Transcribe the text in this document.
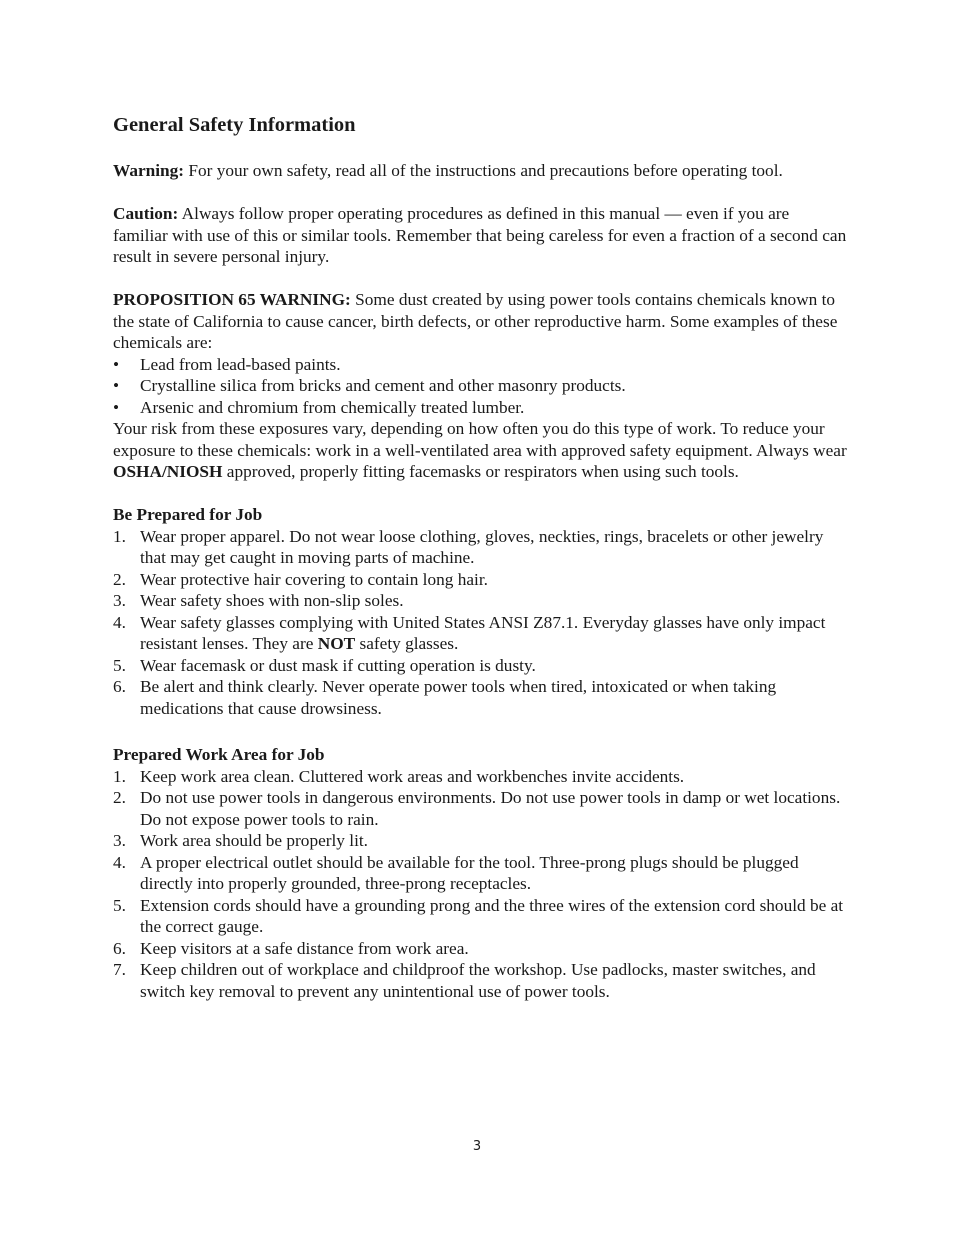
General Safety Information

Warning: For your own safety, read all of the instructions and precautions before operating tool.

Caution: Always follow proper operating procedures as defined in this manual — even if you are familiar with use of this or similar tools. Remember that being careless for even a fraction of a second can result in severe personal injury.

PROPOSITION 65 WARNING: Some dust created by using power tools contains chemicals known to the state of California to cause cancer, birth defects, or other reproductive harm. Some examples of these chemicals are:

•	Lead from lead-based paints.
•	Crystalline silica from bricks and cement and other masonry products.
•	Arsenic and chromium from chemically treated lumber.

Your risk from these exposures vary, depending on how often you do this type of work. To reduce your exposure to these chemicals: work in a well-ventilated area with approved safety equipment. Always wear OSHA/NIOSH approved, properly fitting facemasks or respirators when using such tools.

Be Prepared for Job
1. Wear proper apparel. Do not wear loose clothing, gloves, neckties, rings, bracelets or other jewelry that may get caught in moving parts of machine.
2. Wear protective hair covering to contain long hair.
3. Wear safety shoes with non-slip soles.
4. Wear safety glasses complying with United States ANSI Z87.1. Everyday glasses have only impact resistant lenses. They are NOT safety glasses.
5. Wear facemask or dust mask if cutting operation is dusty.
6. Be alert and think clearly. Never operate power tools when tired, intoxicated or when taking medications that cause drowsiness.
Prepared Work Area for Job
1. Keep work area clean. Cluttered work areas and workbenches invite accidents.
2. Do not use power tools in dangerous environments. Do not use power tools in damp or wet locations. Do not expose power tools to rain.
3. Work area should be properly lit.
4. A proper electrical outlet should be available for the tool. Three-prong plugs should be plugged directly into properly grounded, three-prong receptacles.
5. Extension cords should have a grounding prong and the three wires of the extension cord should be at the correct gauge.
6. Keep visitors at a safe distance from work area.
7. Keep children out of workplace and childproof the workshop. Use padlocks, master switches, and switch key removal to prevent any unintentional use of power tools.
3
